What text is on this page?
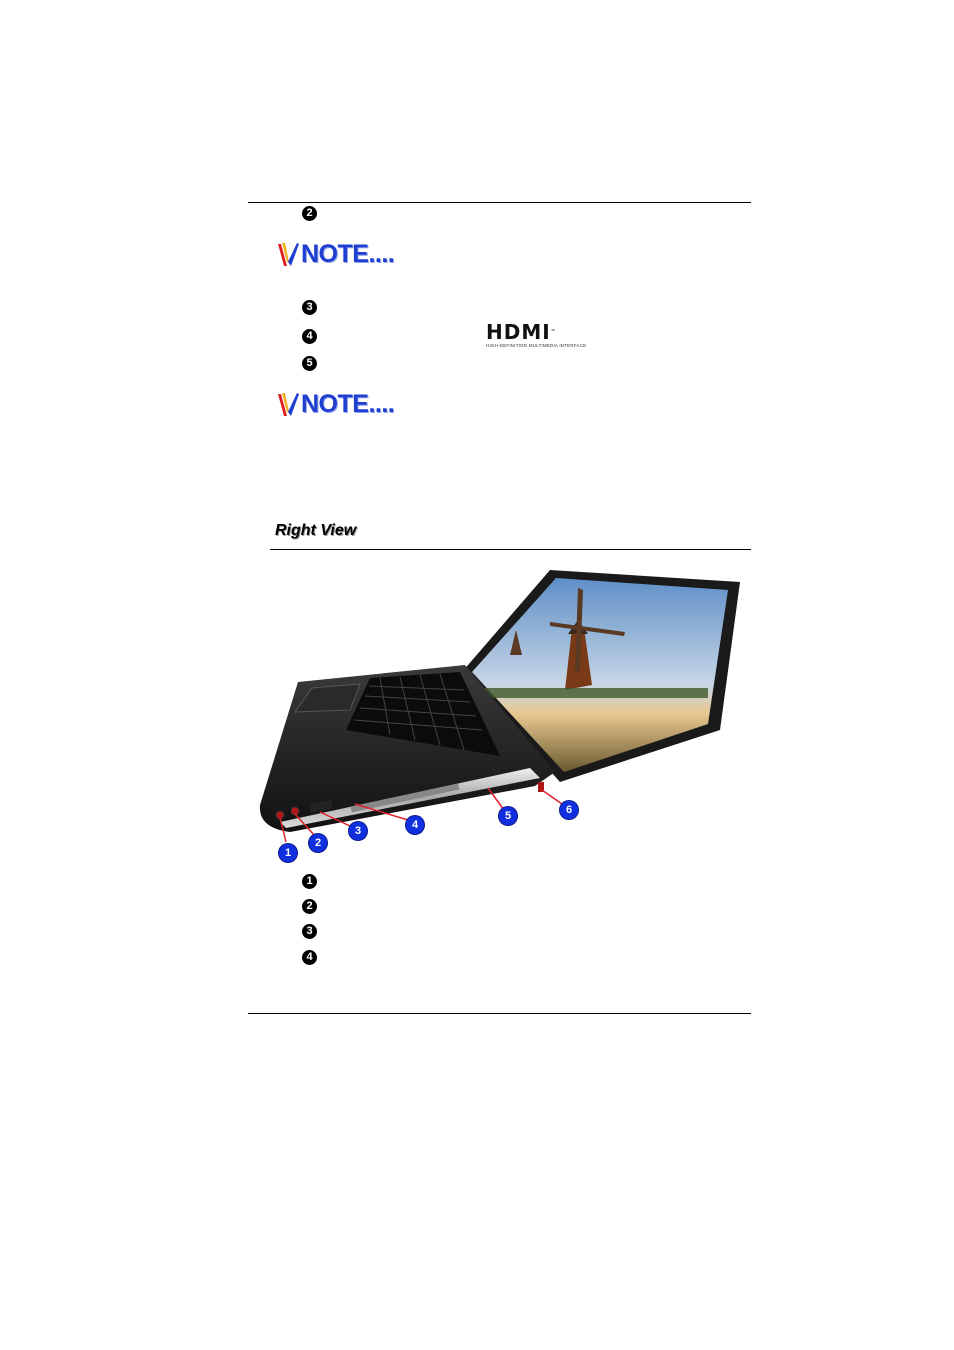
2
NOTE....
3
4	HDMI™
HIGH-DEFINITION MULTIMEDIA INTERFACE
5
NOTE....
Right View
1
2
3	4
5	6
1
2
3
4
